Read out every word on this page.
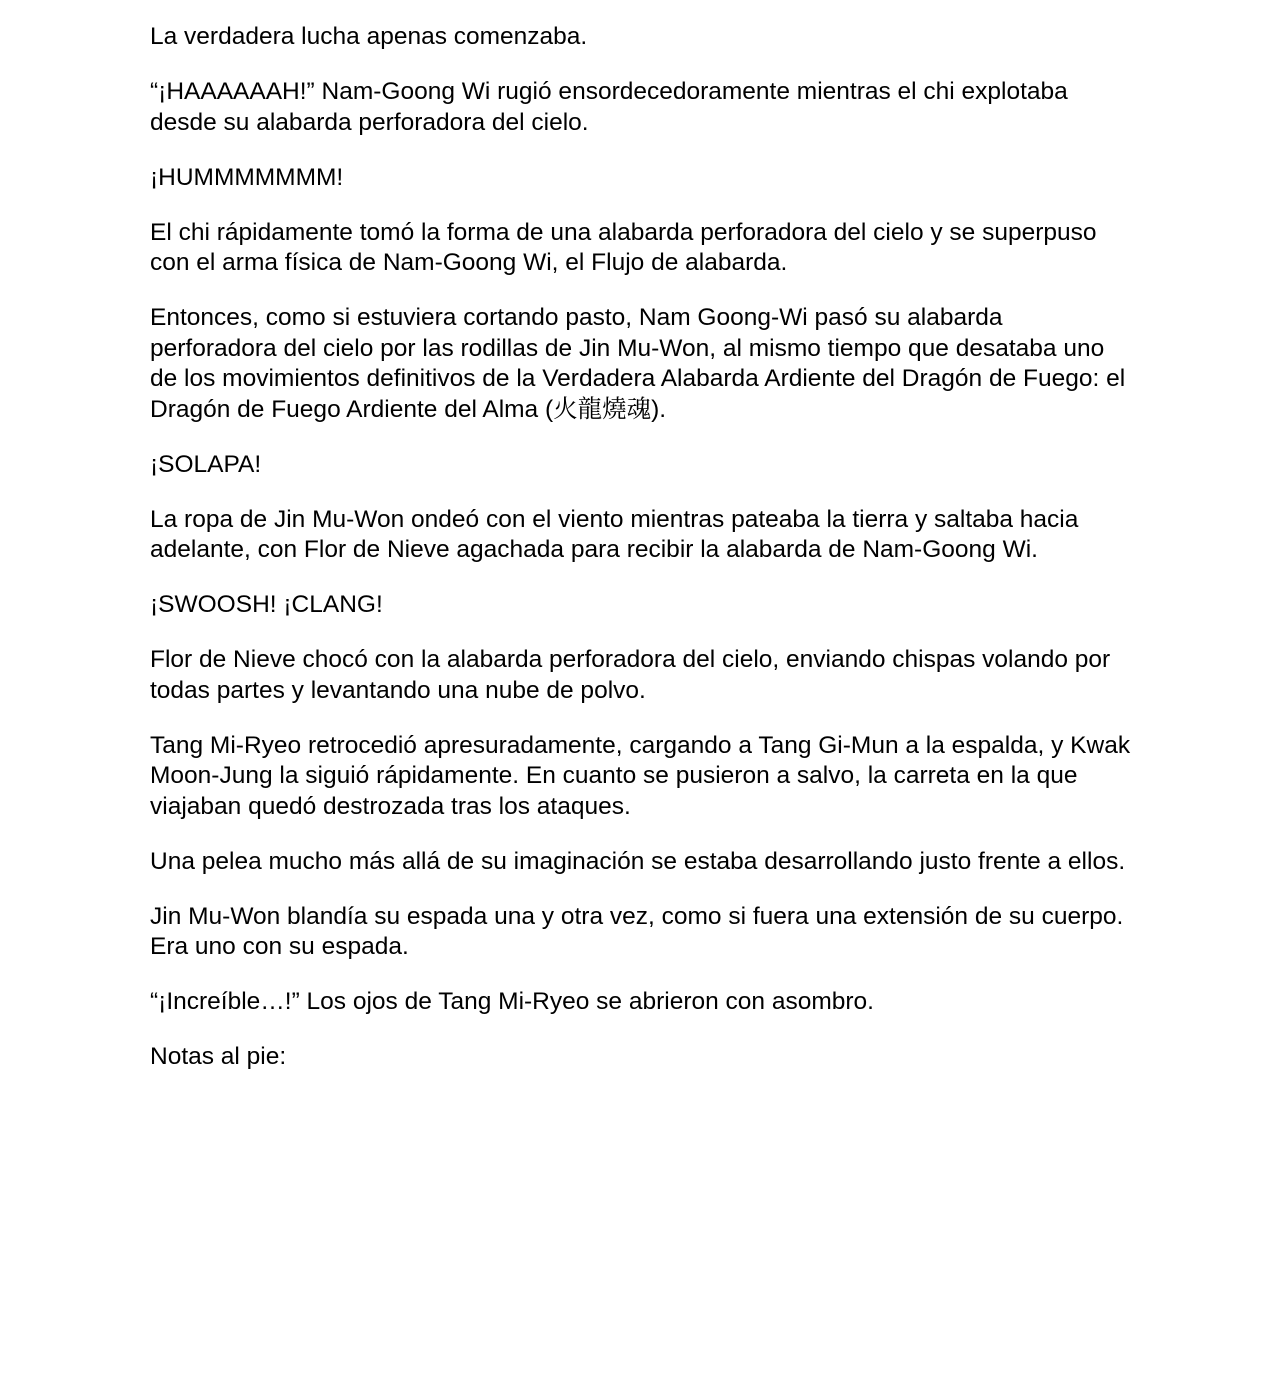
La verdadera lucha apenas comenzaba.

“¡HAAAAAAH!” Nam-Goong Wi rugió ensordecedoramente mientras el chi explotaba desde su alabarda perforadora del cielo.

¡HUMMMMMMM!

El chi rápidamente tomó la forma de una alabarda perforadora del cielo y se superpuso con el arma física de Nam-Goong Wi, el Flujo de alabarda.

Entonces, como si estuviera cortando pasto, Nam Goong-Wi pasó su alabarda perforadora del cielo por las rodillas de Jin Mu-Won, al mismo tiempo que desataba uno de los movimientos definitivos de la Verdadera Alabarda Ardiente del Dragón de Fuego: el Dragón de Fuego Ardiente del Alma (火龍燒魂).

¡SOLAPA!

La ropa de Jin Mu-Won ondeó con el viento mientras pateaba la tierra y saltaba hacia adelante, con Flor de Nieve agachada para recibir la alabarda de Nam-Goong Wi.

¡SWOOSH! ¡CLANG!

Flor de Nieve chocó con la alabarda perforadora del cielo, enviando chispas volando por todas partes y levantando una nube de polvo.

Tang Mi-Ryeo retrocedió apresuradamente, cargando a Tang Gi-Mun a la espalda, y Kwak Moon-Jung la siguió rápidamente. En cuanto se pusieron a salvo, la carreta en la que viajaban quedó destrozada tras los ataques.

Una pelea mucho más allá de su imaginación se estaba desarrollando justo frente a ellos.

Jin Mu-Won blandía su espada una y otra vez, como si fuera una extensión de su cuerpo. Era uno con su espada.

“¡Increíble…!” Los ojos de Tang Mi-Ryeo se abrieron con asombro.

Notas al pie:
